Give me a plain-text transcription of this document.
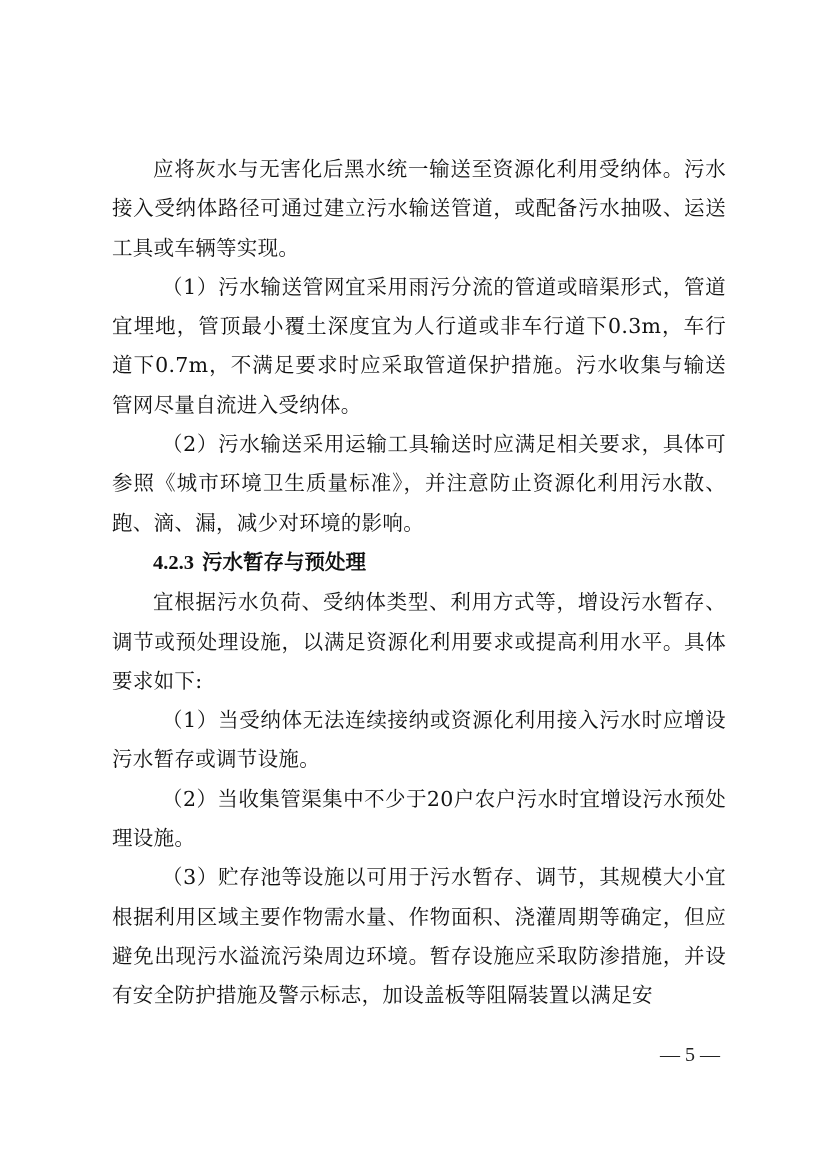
应将灰水与无害化后黑水统一输送至资源化利用受纳体。污水接入受纳体路径可通过建立污水输送管道，或配备污水抽吸、运送工具或车辆等实现。

（1）污水输送管网宜采用雨污分流的管道或暗渠形式，管道宜埋地，管顶最小覆土深度宜为人行道或非车行道下0.3m，车行道下0.7m，不满足要求时应采取管道保护措施。污水收集与输送管网尽量自流进入受纳体。

（2）污水输送采用运输工具输送时应满足相关要求，具体可参照《城市环境卫生质量标准》，并注意防止资源化利用污水散、跑、滴、漏，减少对环境的影响。

4.2.3 污水暂存与预处理

宜根据污水负荷、受纳体类型、利用方式等，增设污水暂存、调节或预处理设施，以满足资源化利用要求或提高利用水平。具体要求如下:

（1）当受纳体无法连续接纳或资源化利用接入污水时应增设污水暂存或调节设施。

（2）当收集管渠集中不少于20户农户污水时宜增设污水预处理设施。

（3）贮存池等设施以可用于污水暂存、调节，其规模大小宜根据利用区域主要作物需水量、作物面积、浇灌周期等确定，但应避免出现污水溢流污染周边环境。暂存设施应采取防渗措施，并设有安全防护措施及警示标志，加设盖板等阻隔装置以满足安

— 5 —
